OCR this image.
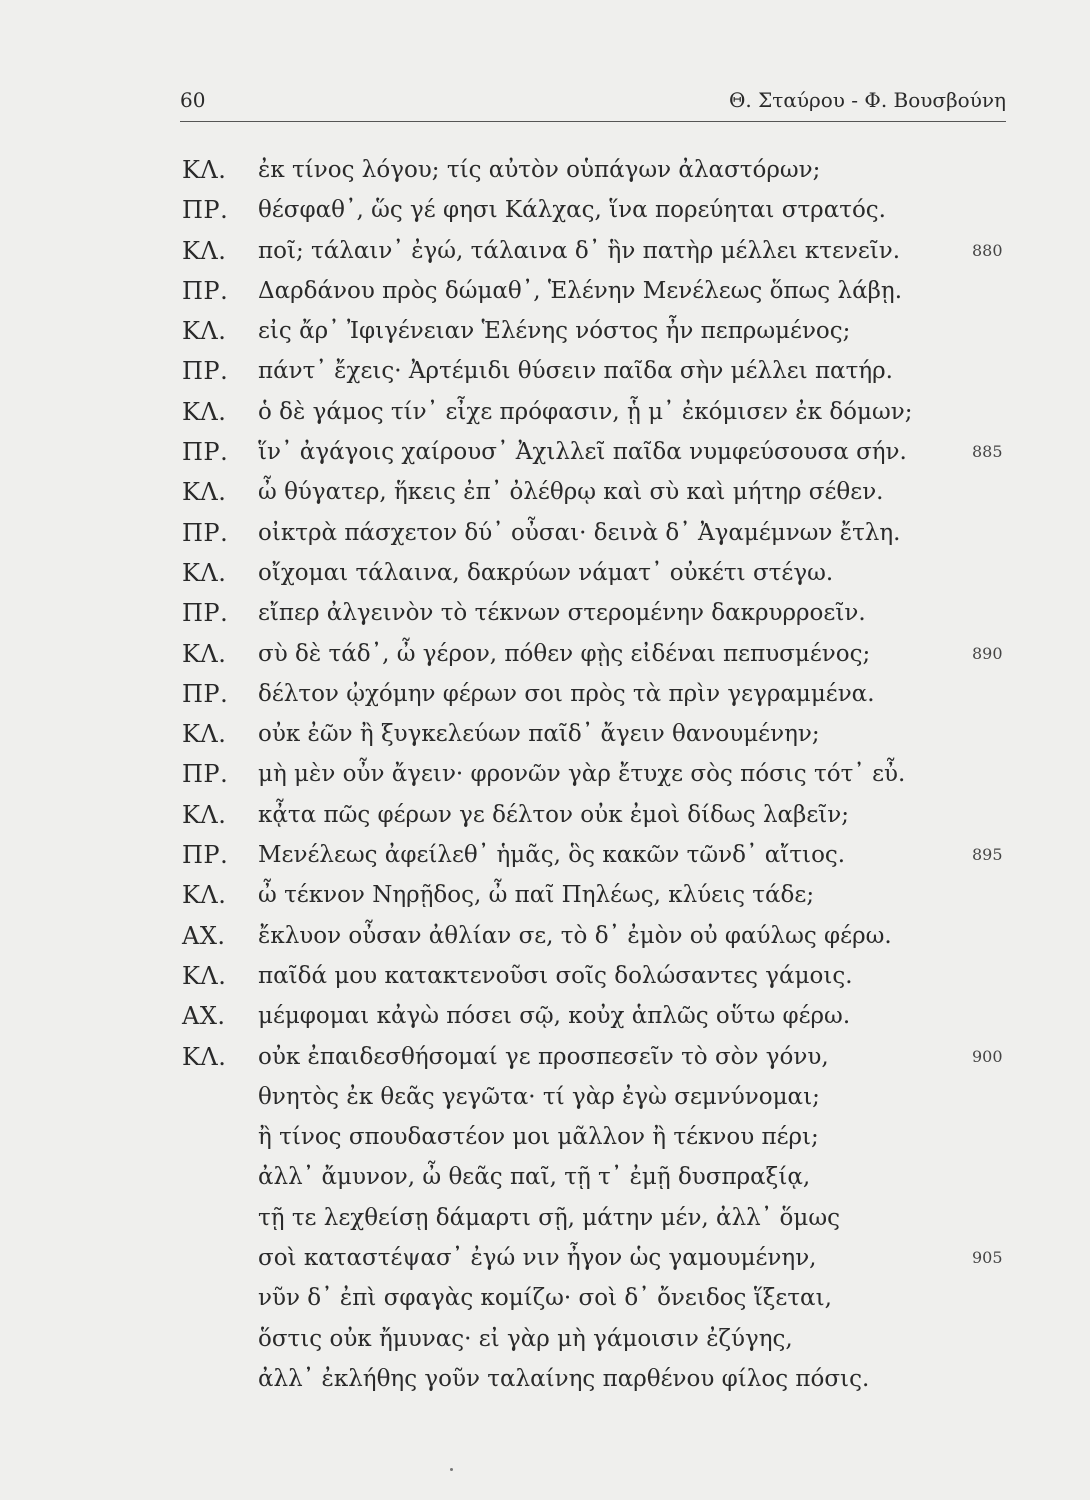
60	Θ. Σταύρου - Φ. Βουσβούνη
ΚΛ.	ἐκ τίνος λόγου; τίς αὐτὸν οὑπάγων ἀλαστόρων;
ΠΡ.	θέσφαθ᾽, ὥς γέ φησι Κάλχας, ἵνα πορεύηται στρατός.
ΚΛ.	ποῖ; τάλαιν᾽ ἐγώ, τάλαινα δ᾽ ἣν πατὴρ μέλλει κτενεῖν.	880
ΠΡ.	Δαρδάνου πρὸς δώμαθ᾽, Ἑλένην Μενέλεως ὅπως λάβῃ.
ΚΛ.	εἰς ἄρ᾽ Ἰφιγένειαν Ἑλένης νόστος ἦν πεπρωμένος;
ΠΡ.	πάντ᾽ ἔχεις· Ἀρτέμιδι θύσειν παῖδα σὴν μέλλει πατήρ.
ΚΛ.	ὁ δὲ γάμος τίν᾽ εἶχε πρόφασιν, ᾗ μ᾽ ἐκόμισεν ἐκ δόμων;
ΠΡ.	ἵν᾽ ἀγάγοις χαίρουσ᾽ Ἀχιλλεῖ παῖδα νυμφεύσουσα σήν.	885
ΚΛ.	ὦ θύγατερ, ἥκεις ἐπ᾽ ὀλέθρῳ καὶ σὺ καὶ μήτηρ σέθεν.
ΠΡ.	οἰκτρὰ πάσχετον δύ᾽ οὖσαι· δεινὰ δ᾽ Ἀγαμέμνων ἔτλη.
ΚΛ.	οἴχομαι τάλαινα, δακρύων νάματ᾽ οὐκέτι στέγω.
ΠΡ.	εἴπερ ἀλγεινὸν τὸ τέκνων στερομένην δακρυρροεῖν.
ΚΛ.	σὺ δὲ τάδ᾽, ὦ γέρον, πόθεν φῂς εἰδέναι πεπυσμένος;	890
ΠΡ.	δέλτον ᾠχόμην φέρων σοι πρὸς τὰ πρὶν γεγραμμένα.
ΚΛ.	οὐκ ἐῶν ἢ ξυγκελεύων παῖδ᾽ ἄγειν θανουμένην;
ΠΡ.	μὴ μὲν οὖν ἄγειν· φρονῶν γὰρ ἔτυχε σὸς πόσις τότ᾽ εὖ.
ΚΛ.	κᾆτα πῶς φέρων γε δέλτον οὐκ ἐμοὶ δίδως λαβεῖν;
ΠΡ.	Μενέλεως ἀφείλεθ᾽ ἡμᾶς, ὃς κακῶν τῶνδ᾽ αἴτιος.	895
ΚΛ.	ὦ τέκνον Νηρῇδος, ὦ παῖ Πηλέως, κλύεις τάδε;
ΑΧ.	ἔκλυον οὖσαν ἀθλίαν σε, τὸ δ᾽ ἐμὸν οὐ φαύλως φέρω.
ΚΛ.	παῖδά μου κατακτενοῦσι σοῖς δολώσαντες γάμοις.
ΑΧ.	μέμφομαι κἀγὼ πόσει σῷ, κοὐχ ἁπλῶς οὕτω φέρω.
ΚΛ.	οὐκ ἐπαιδεσθήσομαί γε προσπεσεῖν τὸ σὸν γόνυ,	900
θνητὸς ἐκ θεᾶς γεγῶτα· τί γὰρ ἐγὼ σεμνύνομαι;
ἢ τίνος σπουδαστέον μοι μᾶλλον ἢ τέκνου πέρι;
ἀλλ᾽ ἄμυνον, ὦ θεᾶς παῖ, τῇ τ᾽ ἐμῇ δυσπραξίᾳ,
τῇ τε λεχθείσῃ δάμαρτι σῇ, μάτην μέν, ἀλλ᾽ ὅμως
σοὶ καταστέψασ᾽ ἐγώ νιν ἦγον ὡς γαμουμένην,	905
νῦν δ᾽ ἐπὶ σφαγὰς κομίζω· σοὶ δ᾽ ὄνειδος ἵξεται,
ὅστις οὐκ ἤμυνας· εἰ γὰρ μὴ γάμοισιν ἐζύγης,
ἀλλ᾽ ἐκλήθης γοῦν ταλαίνης παρθένου φίλος πόσις.
